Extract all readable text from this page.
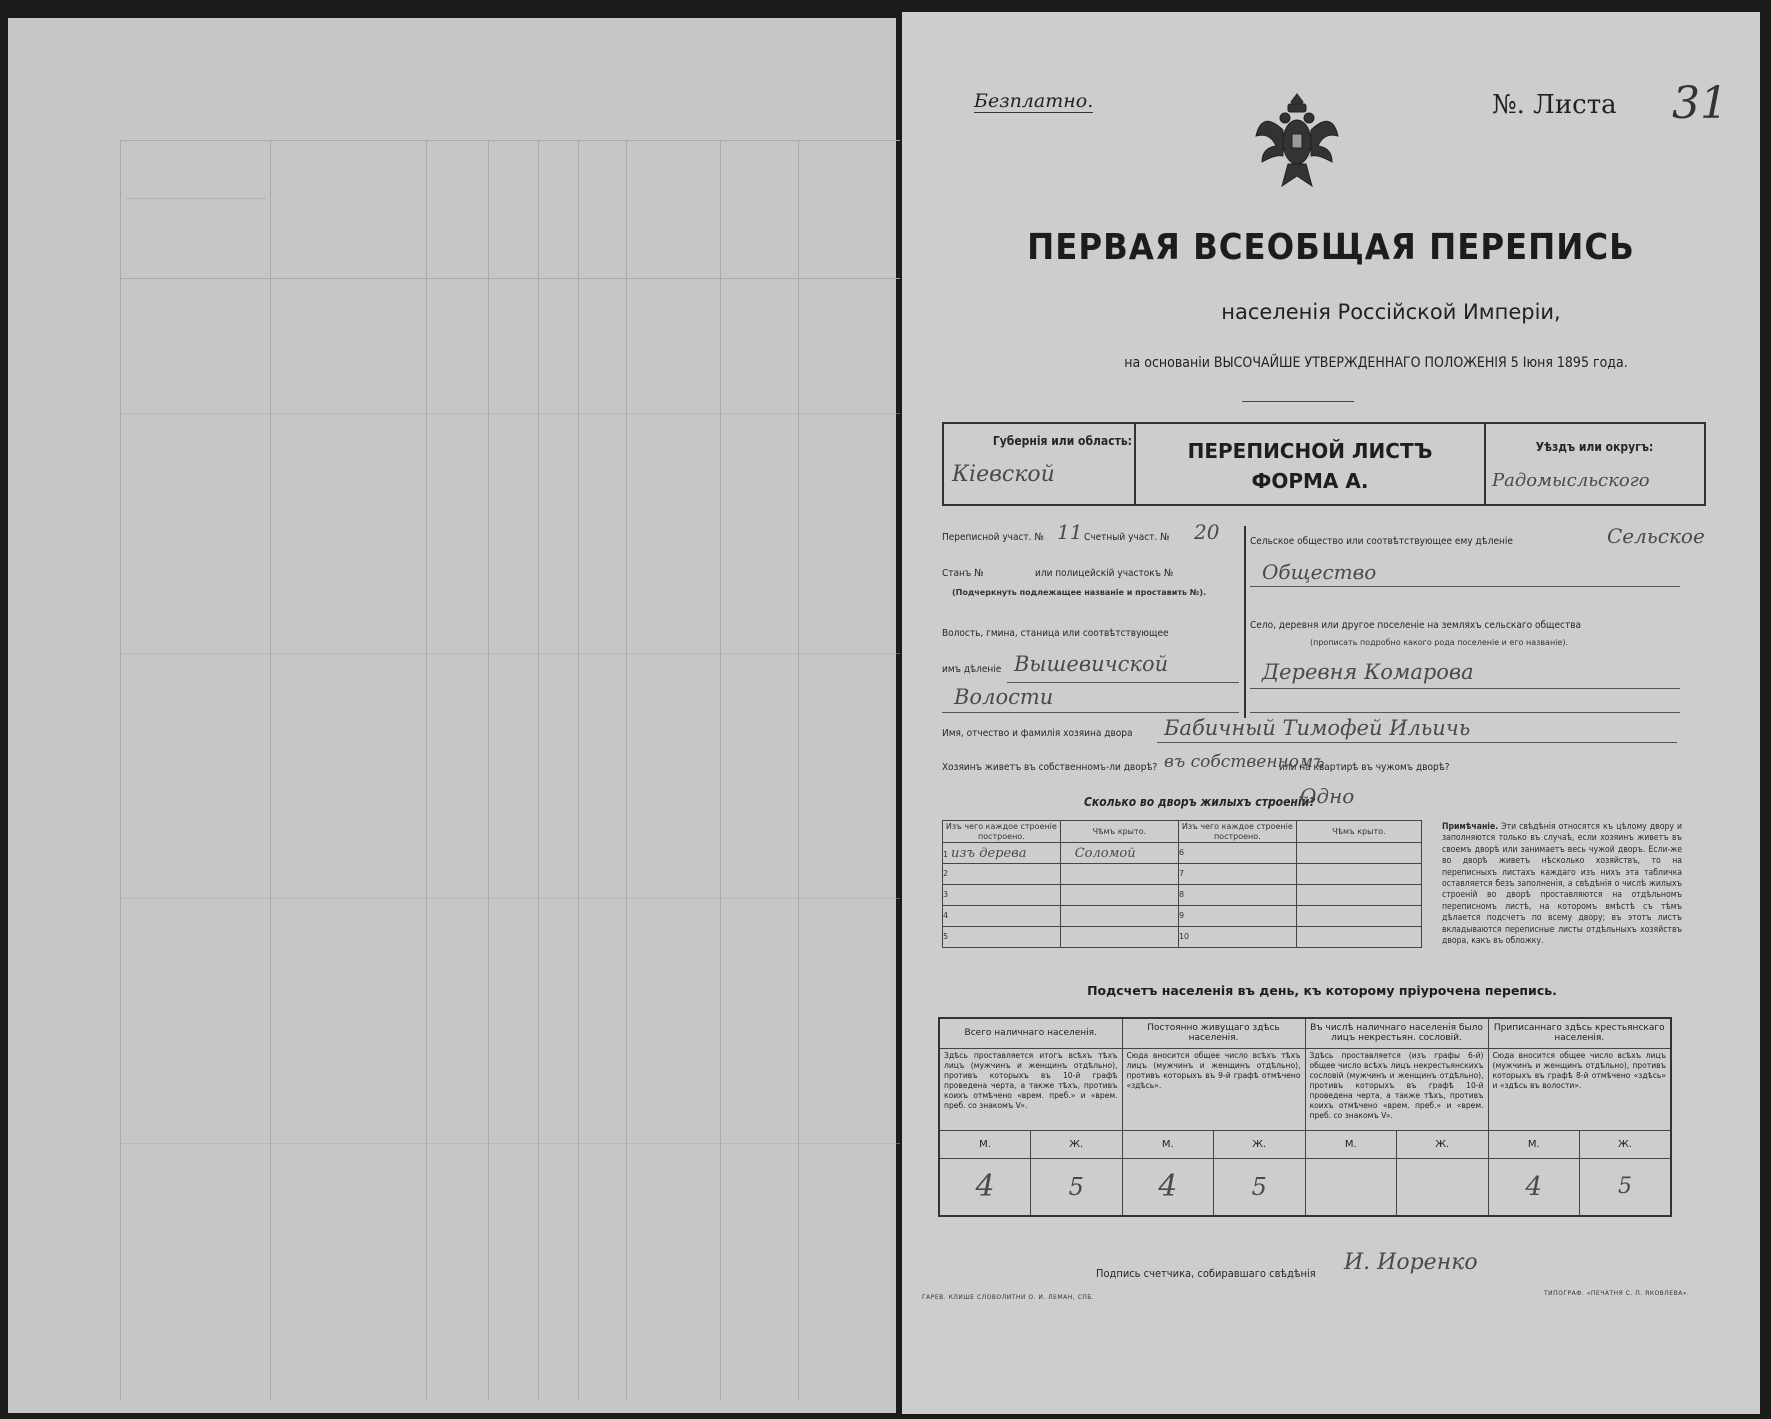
Безплатно.	№. Листа 31
ПЕРВАЯ ВСЕОБЩАЯ ПЕРЕПИСЬ
населенія Россійской Имперіи,
на основаніи ВЫСОЧАЙШЕ УТВЕРЖДЕННАГО ПОЛОЖЕНІЯ 5 Іюня 1895 года.
Губернія или область:
Кіевской
ПЕРЕПИСНОЙ ЛИСТЪ
ФОРМА А.
Уѣздъ или округъ:
Радомысльского
Переписной участ. № 11 Счетный участ. № 20
Станъ №	или полицейскій участокъ №
(Подчеркнуть подлежащее названіе и проставить №).
Волость, гмина, станица или соотвѣтствующее
имъ дѣленіе Вышевичской
Волости
Сельское общество или соотвѣтствующее ему дѣленіе	Сельское
Общество
Село, деревня или другое поселеніе на земляхъ сельскаго общества
(прописать подробно какого рода поселеніе и его названіе).
Деревня Комарова
Имя, отчество и фамилія хозяина двора Бабичный Тимофей Ильичь
Хозяинъ живетъ въ собственномъ-ли дворѣ? въ собственномъ
или на квартирѣ въ чужомъ дворѣ?
Сколько во дворъ жилыхъ строеній?
Одно
Изъ чего каждое строеніе построено.	Чѣмъ крыто.	Изъ чего каждое строеніе построено.	Чѣмъ крыто.
1 изъ дерева	Соломой	6	
2		7	
3		8	
4		9	
5		10	
Примѣчаніе. Эти свѣдѣнія относятся къ цѣлому двору и заполняются только въ случаѣ, если хозяинъ живетъ въ своемъ дворѣ или занимаетъ весь чужой дворъ. Если-же во дворѣ живетъ нѣсколько хозяйствъ, то на переписныхъ листахъ каждаго изъ нихъ эта табличка оставляется безъ заполненія, а свѣдѣнія о числѣ жилыхъ строеній во дворѣ проставляются на отдѣльномъ переписномъ листѣ, на которомъ вмѣстѣ съ тѣмъ дѣлается подсчетъ по всему двору; въ этотъ листъ вкладываются переписные листы отдѣльныхъ хозяйствъ двора, какъ въ обложку.
Подсчетъ населенія въ день, къ которому пріурочена перепись.
Всего наличнаго населенія.		Постоянно живущаго здѣсь населенія.		Въ числѣ наличнаго населенія было лицъ некрестьян. сословій.		Приписаннаго здѣсь крестьянскаго населенія.	
Здѣсь проставляется итогъ всѣхъ тѣхъ лицъ (мужчинъ и женщинъ отдѣльно), противъ которыхъ въ 10-й графѣ проведена черта, а также тѣхъ, противъ коихъ отмѣчено «врем. преб.» и «врем. преб. со знакомъ V».		Сюда вносится общее число всѣхъ тѣхъ лицъ (мужчинъ и женщинъ отдѣльно), противъ которыхъ въ 9-й графѣ отмѣчено «здѣсь».		Здѣсь проставляется (изъ графы 6-й) общее число всѣхъ лицъ некрестьянскихъ сословій (мужчинъ и женщинъ отдѣльно), противъ которыхъ въ графѣ 10-й проведена черта, а также тѣхъ, противъ коихъ отмѣчено «врем. преб.» и «врем. преб. со знакомъ V».		Сюда вносится общее число всѣхъ лицъ (мужчинъ и женщинъ отдѣльно), противъ которыхъ въ графѣ 8-й отмѣчено «здѣсь» и «здѣсь въ волости».	
М.	Ж.	М.	Ж.	М.	Ж.	М.	Ж.
4	5	4	5			4	5
Подпись счетчика, собиравшаго свѣдѣнія И. Иоренко
ГАРЕВ. КЛИШЕ СЛОВОЛИТНИ О. И. ЛЕМАН, СПБ.
ТИПОГРАФ. «ПЕЧАТНЯ С. П. ЯКОВЛЕВА».
